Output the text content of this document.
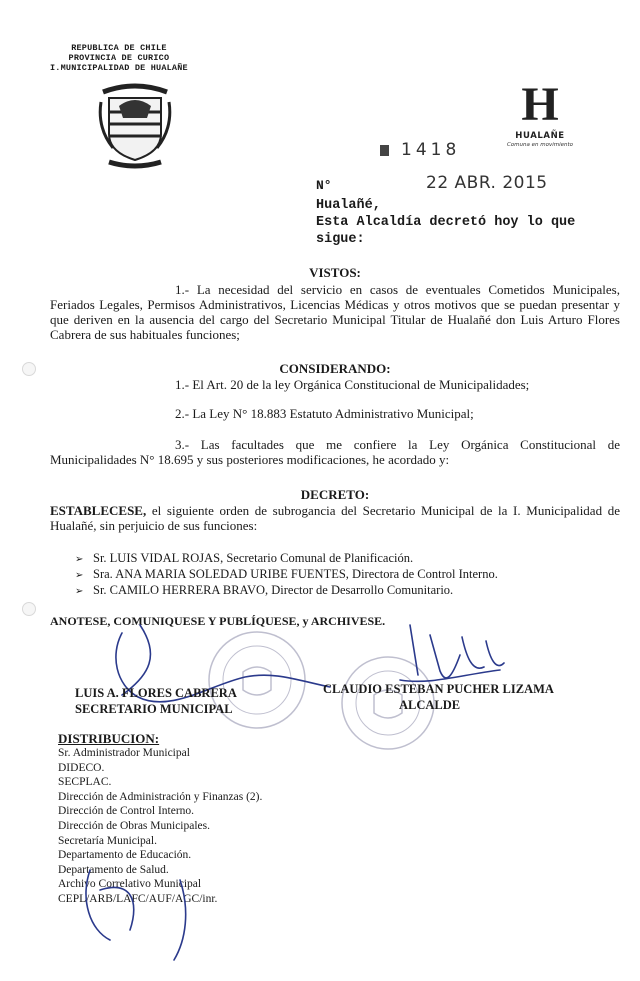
REPUBLICA DE CHILE
PROVINCIA DE CURICO
I.MUNICIPALIDAD DE HUALAÑE
H
HUALAÑE
Comuna en movimiento
1418
N°	22 ABR. 2015
Hualañé,
Esta Alcaldía decretó hoy lo que
sigue:
VISTOS:
1.- La necesidad del servicio en casos de eventuales Cometidos Municipales, Feriados Legales, Permisos Administrativos, Licencias Médicas y otros motivos que se puedan presentar y que deriven en la ausencia del cargo del Secretario Municipal Titular de Hualañé don Luis Arturo Flores Cabrera de sus habituales funciones;
CONSIDERANDO:
1.- El Art. 20 de la ley Orgánica Constitucional de Municipalidades;
2.- La Ley N° 18.883 Estatuto Administrativo Municipal;
3.- Las facultades que me confiere la Ley Orgánica Constitucional de Municipalidades N° 18.695 y sus posteriores modificaciones, he acordado y:
DECRETO:
ESTABLECESE, el siguiente orden de subrogancia del Secretario Municipal de la I. Municipalidad de Hualañé, sin perjuicio de sus funciones:
➢ Sr. LUIS VIDAL ROJAS, Secretario Comunal de Planificación.
➢ Sra. ANA MARIA SOLEDAD URIBE FUENTES, Directora de Control Interno.
➢ Sr. CAMILO HERRERA BRAVO, Director de Desarrollo Comunitario.
ANOTESE, COMUNIQUESE Y PUBLÍQUESE, y ARCHIVESE.
LUIS A. FLORES CABRERA
SECRETARIO MUNICIPAL
CLAUDIO ESTEBAN PUCHER LIZAMA
ALCALDE
DISTRIBUCION:
Sr. Administrador Municipal
DIDECO.
SECPLAC.
Dirección de Administración y Finanzas (2).
Dirección de Control Interno.
Dirección de Obras Municipales.
Secretaría Municipal.
Departamento de Educación.
Departamento de Salud.
Archivo Correlativo Municipal
CEPL/ARB/LAFC/AUF/AGC/inr.
